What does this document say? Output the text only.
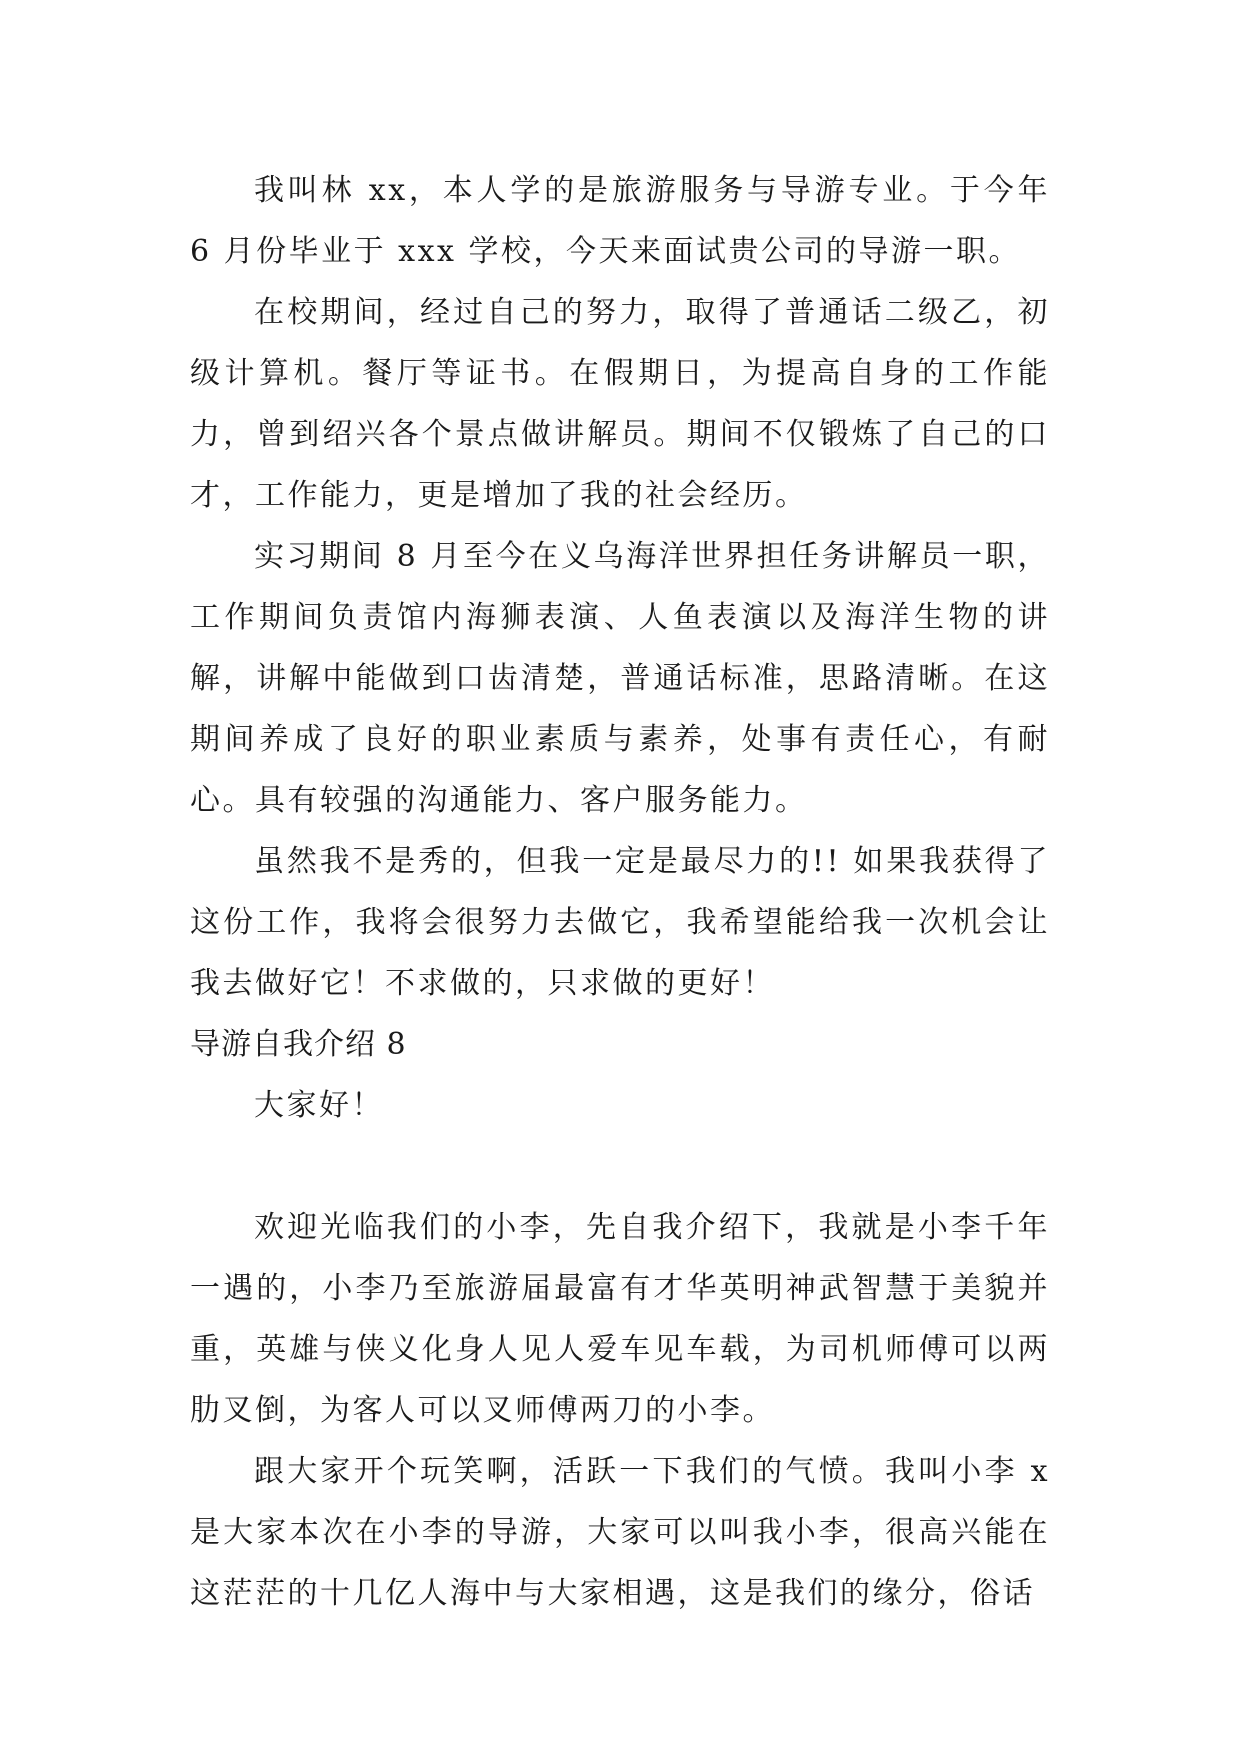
我叫林 xx，本人学的是旅游服务与导游专业。于今年 6 月份毕业于 xxx 学校，今天来面试贵公司的导游一职。

在校期间，经过自己的努力，取得了普通话二级乙，初级计算机。餐厅等证书。在假期日，为提高自身的工作能力，曾到绍兴各个景点做讲解员。期间不仅锻炼了自己的口才，工作能力，更是增加了我的社会经历。

实习期间 8 月至今在义乌海洋世界担任务讲解员一职，工作期间负责馆内海狮表演、人鱼表演以及海洋生物的讲解，讲解中能做到口齿清楚，普通话标准，思路清晰。在这期间养成了良好的职业素质与素养，处事有责任心，有耐心。具有较强的沟通能力、客户服务能力。

虽然我不是秀的，但我一定是最尽力的!! 如果我获得了这份工作，我将会很努力去做它，我希望能给我一次机会让我去做好它！不求做的，只求做的更好！

导游自我介绍 8

大家好！

欢迎光临我们的小李，先自我介绍下，我就是小李千年一遇的，小李乃至旅游届最富有才华英明神武智慧于美貌并重，英雄与侠义化身人见人爱车见车载，为司机师傅可以两肋叉倒，为客人可以叉师傅两刀的小李。

跟大家开个玩笑啊，活跃一下我们的气愤。我叫小李 x 是大家本次在小李的导游，大家可以叫我小李，很高兴能在这茫茫的十几亿人海中与大家相遇，这是我们的缘分，俗话
